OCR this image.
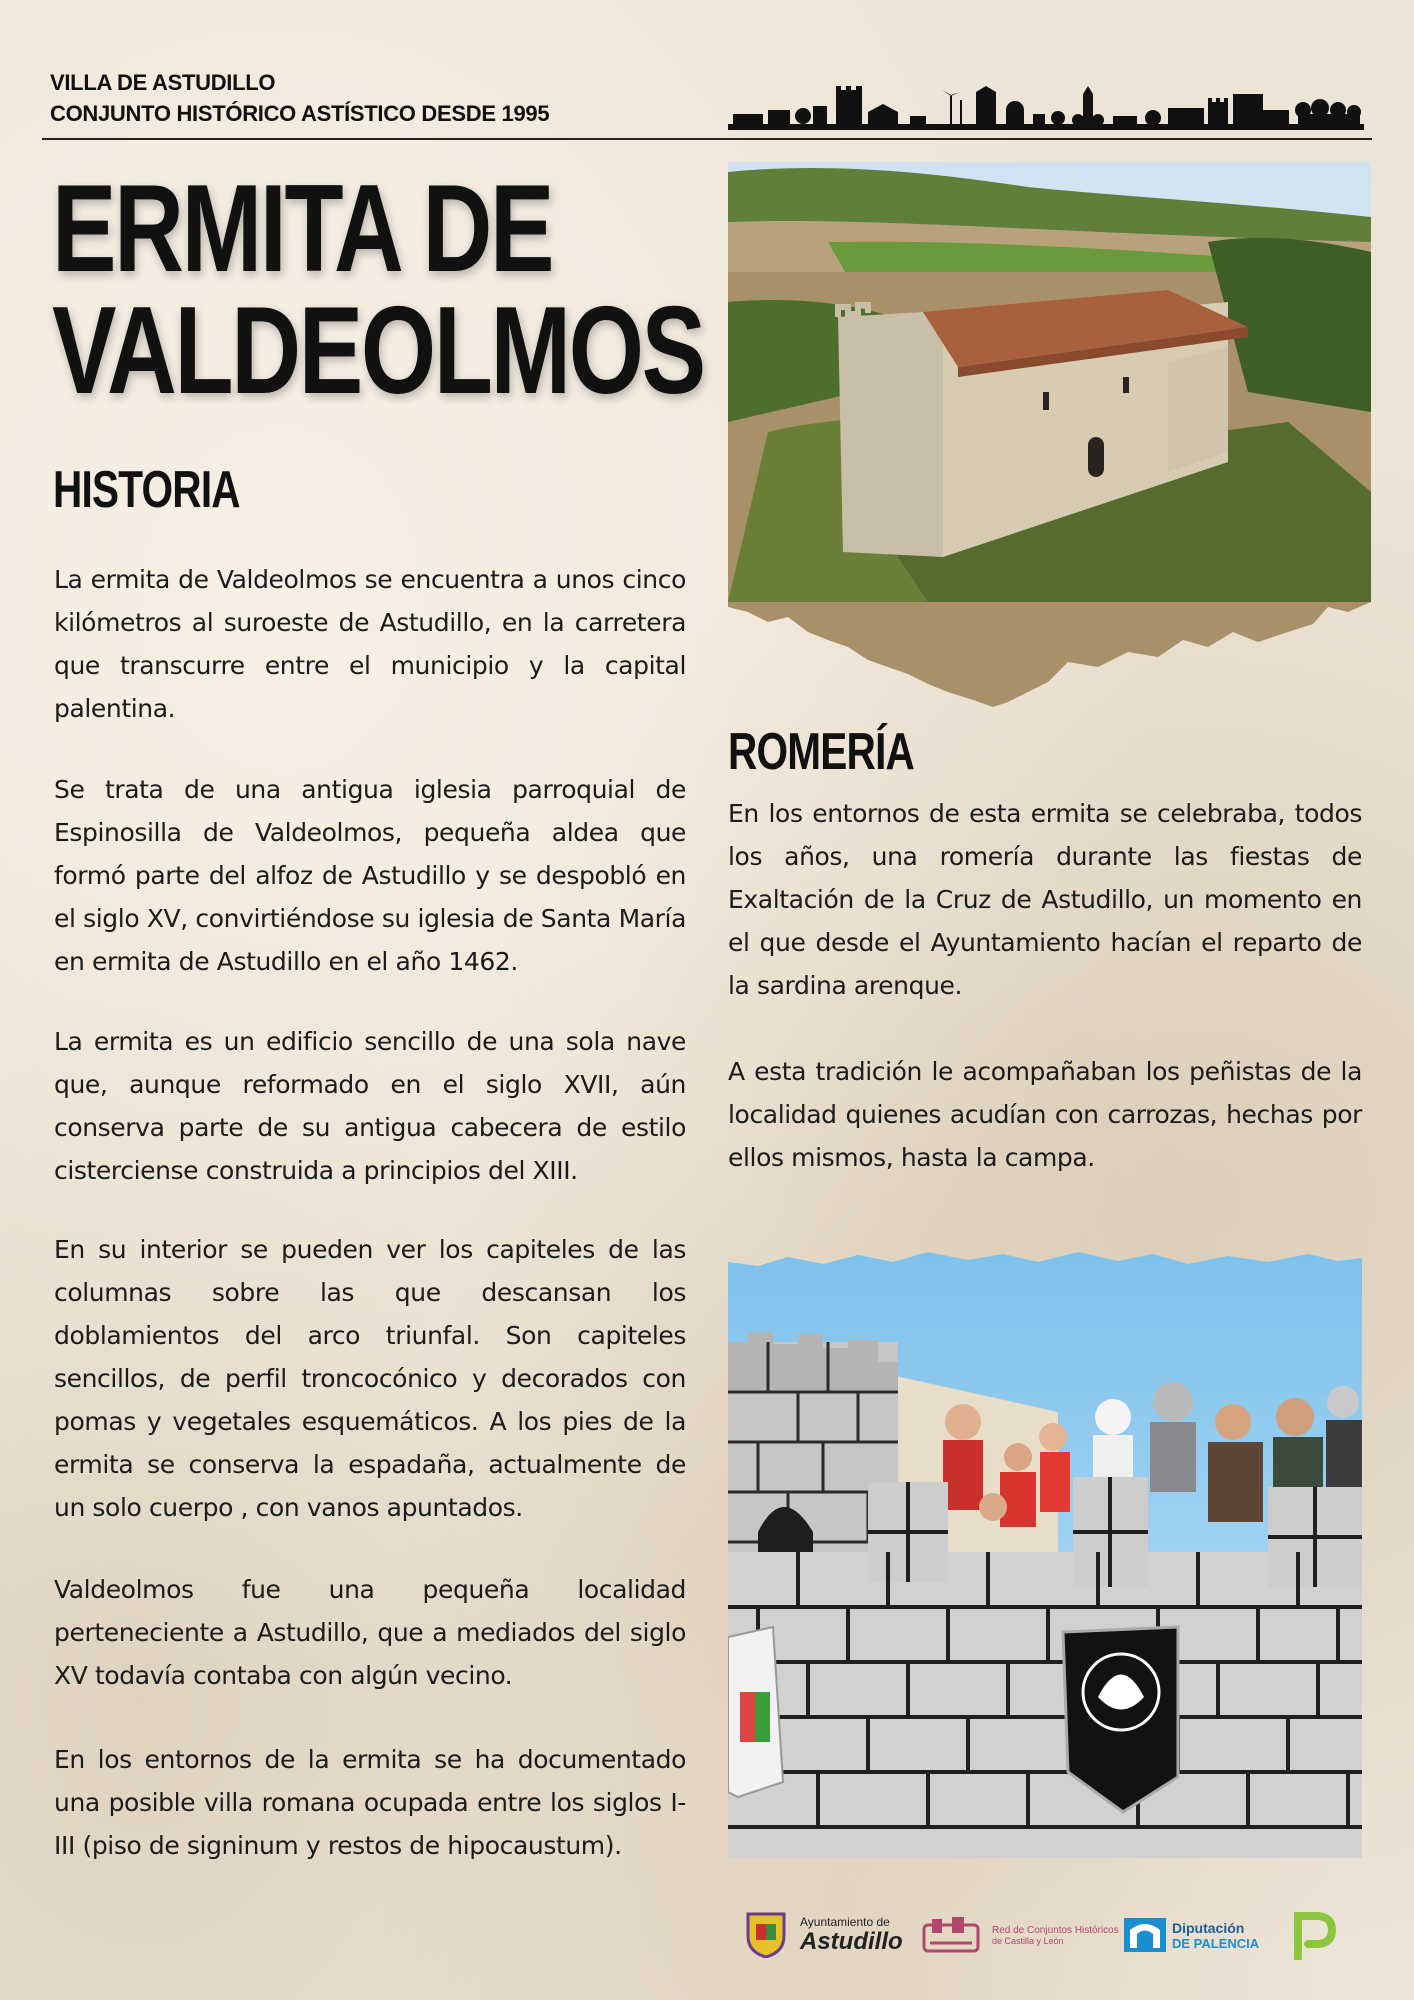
VILLA DE ASTUDILLO
CONJUNTO HISTÓRICO ASTÍSTICO DESDE 1995
ERMITA DE
VALDEOLMOS
HISTORIA

La ermita de Valdeolmos se encuentra a unos cinco kilómetros al suroeste de Astudillo, en la carretera que transcurre entre el municipio y la capital palentina.

Se trata de una antigua iglesia parroquial de Espinosilla de Valdeolmos, pequeña aldea que formó parte del alfoz de Astudillo y se despobló en el siglo XV, convirtiéndose su iglesia de Santa María en ermita de Astudillo en el año 1462.

La ermita es un edificio sencillo de una sola nave que, aunque reformado en el siglo XVII, aún conserva parte de su antigua cabecera de estilo cisterciense construida a principios del XIII.

En su interior se pueden ver los capiteles de las columnas sobre las que descansan los doblamientos del arco triunfal. Son capiteles sencillos, de perfil troncocónico y decorados con pomas y vegetales esquemáticos. A los pies de la ermita se conserva la espadaña, actualmente de un solo cuerpo , con vanos apuntados.

Valdeolmos fue una pequeña localidad perteneciente a Astudillo, que a mediados del siglo XV todavía contaba con algún vecino.

En los entornos de la ermita se ha documentado una posible villa romana ocupada entre los siglos I-III (piso de signinum y restos de hipocaustum).

ROMERÍA

En los entornos de esta ermita se celebraba, todos los años, una romería durante las fiestas de Exaltación de la Cruz de Astudillo, un momento en el que desde el Ayuntamiento hacían el reparto de la sardina arenque.

A esta tradición le acompañaban los peñistas de la localidad quienes acudían con carrozas, hechas por ellos mismos, hasta la campa.

Ayuntamiento de
Astudillo	Red de Conjuntos Históricos
de Castilla y León
Diputación
DE PALENCIA
